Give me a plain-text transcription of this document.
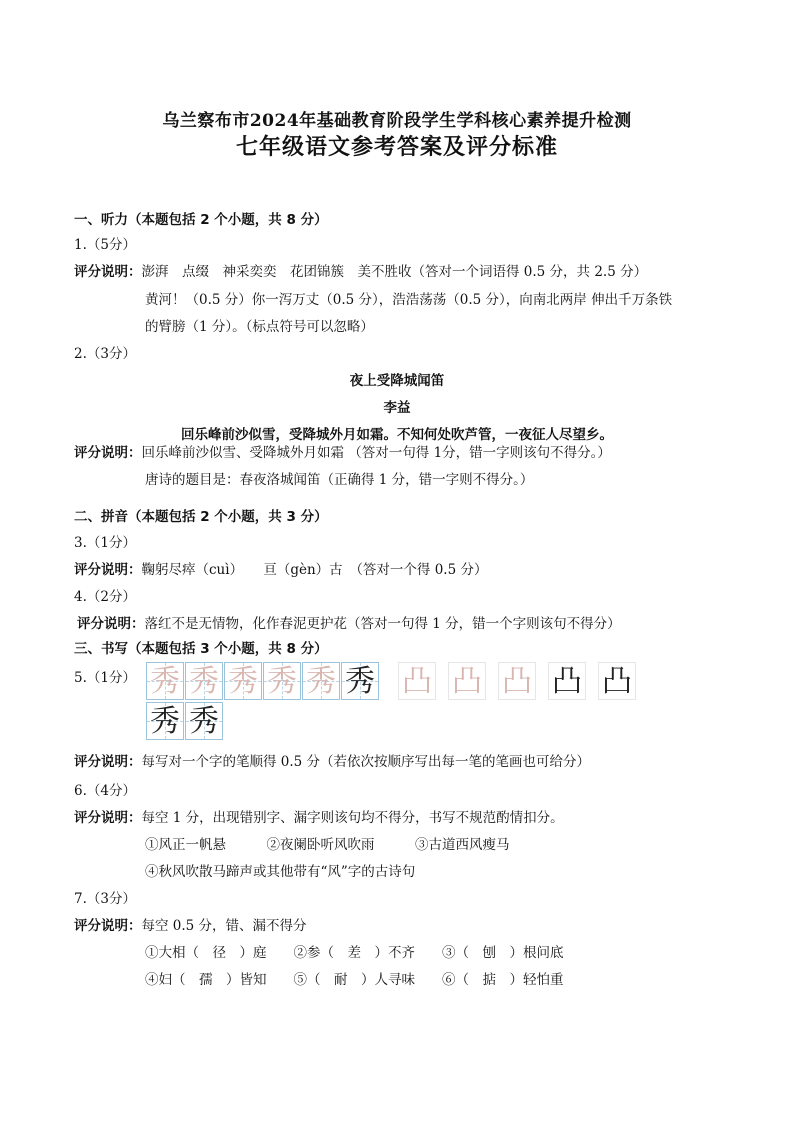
乌兰察布市2024年基础教育阶段学生学科核心素养提升检测
七年级语文参考答案及评分标准
一、听力（本题包括 2 个小题，共 8 分）
1.（5分）
评分说明：澎湃　点缀　神采奕奕　花团锦簇　美不胜收（答对一个词语得 0.5 分，共 2.5 分）
黄河！（0.5 分）你一泻万丈（0.5 分），浩浩荡荡（0.5 分），向南北两岸 伸出千万条铁
的臂膀（1 分）。（标点符号可以忽略）
2.（3分）
夜上受降城闻笛
李益
回乐峰前沙似雪，受降城外月如霜。不知何处吹芦管，一夜征人尽望乡。
评分说明：回乐峰前沙似雪、受降城外月如霜 （答对一句得 1分，错一字则该句不得分。）
唐诗的题目是：春夜洛城闻笛（正确得 1 分，错一字则不得分。）
二、拼音（本题包括 2 个小题，共 3 分）
3.（1分）
评分说明：鞠躬尽瘁（cuì）　　亘（gèn）古　（答对一个得 0.5 分）
4.（2分）
评分说明：落红不是无情物，化作春泥更护花（答对一句得 1 分，错一个字则该句不得分）
三、书写（本题包括 3 个小题，共 8 分）
5.（1分） 秀 秀 秀 秀 秀 秀
秀 秀
凸 凸 凸 凸 凸
评分说明：每写对一个字的笔顺得 0.5 分（若依次按顺序写出每一笔的笔画也可给分）
6.（4分）
评分说明：每空 1 分，出现错别字、漏字则该句均不得分，书写不规范酌情扣分。
①风正一帆悬　　　②夜阑卧听风吹雨　　　③古道西风瘦马
④秋风吹散马蹄声或其他带有“风”字的古诗句
7.（3分）
评分说明：每空 0.5 分，错、漏不得分
①大相（　径　）庭　　②参（　差　）不齐　　③（　刨　）根问底
④妇（　孺　）皆知　　⑤（　耐　）人寻味　　⑥（　掂　）轻怕重
